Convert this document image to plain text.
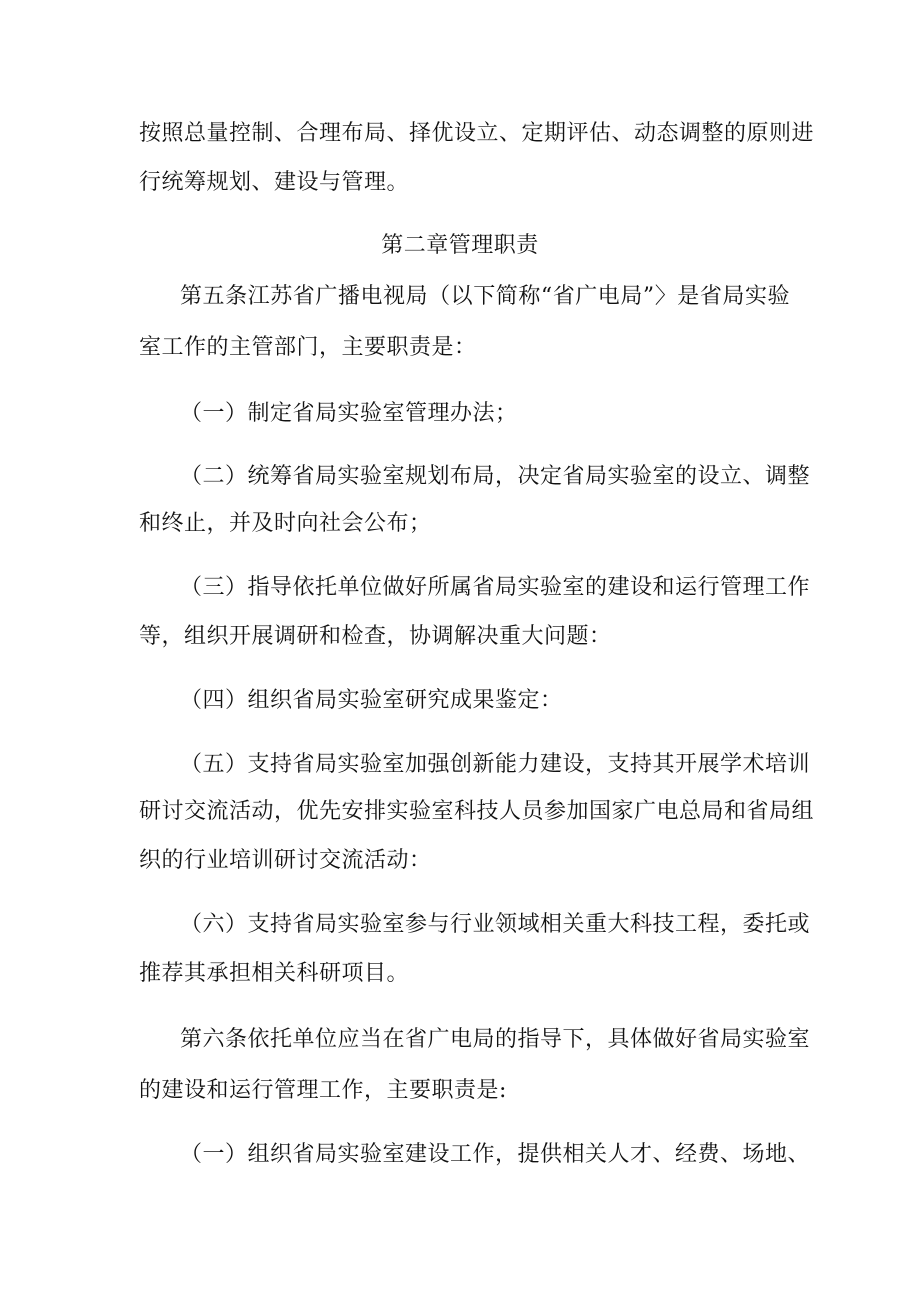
按照总量控制、合理布局、择优设立、定期评估、动态调整的原则进
行统筹规划、建设与管理。
第二章管理职责
第五条江苏省广播电视局（以下简称“省广电局”〉是省局实验
室工作的主管部门，主要职责是：
（一）制定省局实验室管理办法；
（二）统筹省局实验室规划布局，决定省局实验室的设立、调整
和终止，并及时向社会公布；
（三）指导依托单位做好所属省局实验室的建设和运行管理工作
等，组织开展调研和检查，协调解决重大问题：
（四）组织省局实验室研究成果鉴定：
（五）支持省局实验室加强创新能力建设，支持其开展学术培训
研讨交流活动，优先安排实验室科技人员参加国家广电总局和省局组
织的行业培训研讨交流活动：
（六）支持省局实验室参与行业领域相关重大科技工程，委托或
推荐其承担相关科研项目。
第六条依托单位应当在省广电局的指导下，具体做好省局实验室
的建设和运行管理工作，主要职责是:
（一）组织省局实验室建设工作，提供相关人才、经费、场地、
